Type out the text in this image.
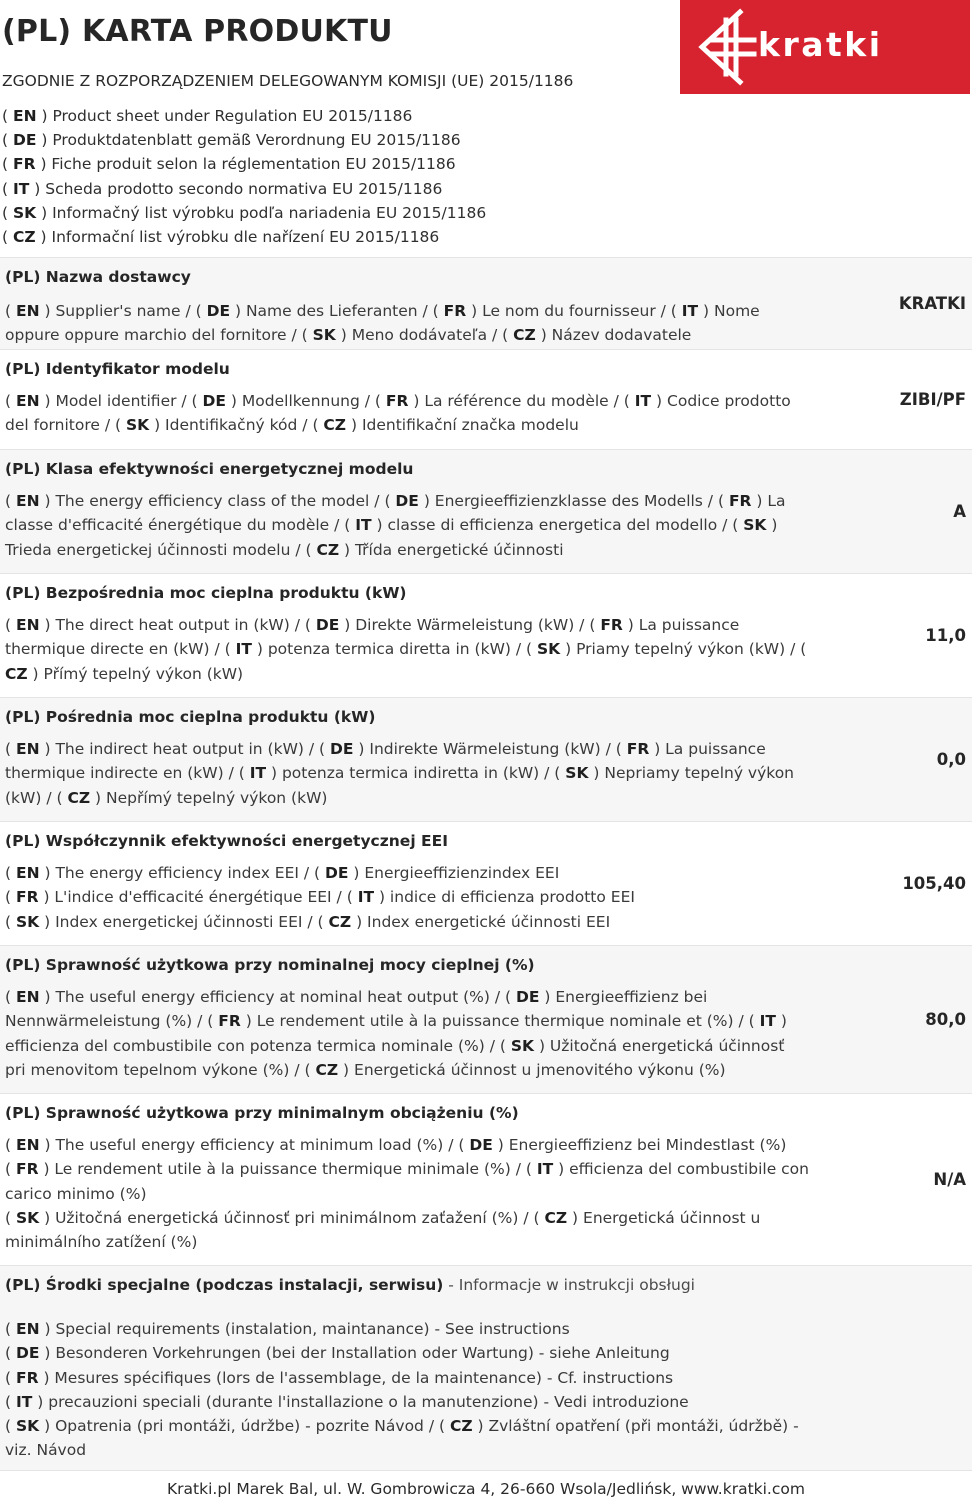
(PL) KARTA PRODUKTU
ZGODNIE Z ROZPORZĄDZENIEM DELEGOWANYM KOMISJI (UE) 2015/1186
( EN ) Product sheet under Regulation EU 2015/1186
( DE ) Produktdatenblatt gemäß Verordnung EU 2015/1186
( FR ) Fiche produit selon la réglementation EU 2015/1186
( IT ) Scheda prodotto secondo normativa EU 2015/1186
( SK ) Informačný list výrobku podľa nariadenia EU 2015/1186
( CZ ) Informační list výrobku dle nařízení EU 2015/1186
kratki
(PL) Nazwa dostawcy
( EN ) Supplier's name / ( DE ) Name des Lieferanten / ( FR ) Le nom du fournisseur / ( IT ) Nome
oppure oppure marchio del fornitore / ( SK ) Meno dodávateľa / ( CZ ) Název dodavatele
KRATKI
(PL) Identyfikator modelu
( EN ) Model identifier / ( DE ) Modellkennung / ( FR ) La référence du modèle / ( IT ) Codice prodotto
del fornitore / ( SK ) Identifikačný kód / ( CZ ) Identifikační značka modelu
ZIBI/PF
(PL) Klasa efektywności energetycznej modelu
( EN ) The energy efficiency class of the model / ( DE ) Energieeffizienzklasse des Modells / ( FR ) La
classe d'efficacité énergétique du modèle / ( IT ) classe di efficienza energetica del modello / ( SK )
Trieda energetickej účinnosti modelu / ( CZ ) Třída energetické účinnosti
A
(PL) Bezpośrednia moc cieplna produktu (kW)
( EN ) The direct heat output in (kW) / ( DE ) Direkte Wärmeleistung (kW) / ( FR ) La puissance
thermique directe en (kW) / ( IT ) potenza termica diretta in (kW) / ( SK ) Priamy tepelný výkon (kW) / (
CZ ) Přímý tepelný výkon (kW)
11,0
(PL) Pośrednia moc cieplna produktu (kW)
( EN ) The indirect heat output in (kW) / ( DE ) Indirekte Wärmeleistung (kW) / ( FR ) La puissance
thermique indirecte en (kW) / ( IT ) potenza termica indiretta in (kW) / ( SK ) Nepriamy tepelný výkon
(kW) / ( CZ ) Nepřímý tepelný výkon (kW)
0,0
(PL) Współczynnik efektywności energetycznej EEI
( EN ) The energy efficiency index EEI / ( DE ) Energieeffizienzindex EEI
( FR ) L'indice d'efficacité énergétique EEI / ( IT ) indice di efficienza prodotto EEI
( SK ) Index energetickej účinnosti EEI / ( CZ ) Index energetické účinnosti EEI
105,40
(PL) Sprawność użytkowa przy nominalnej mocy cieplnej (%)
( EN ) The useful energy efficiency at nominal heat output (%) / ( DE ) Energieeffizienz bei
Nennwärmeleistung (%) / ( FR ) Le rendement utile à la puissance thermique nominale et (%) / ( IT )
efficienza del combustibile con potenza termica nominale (%) / ( SK ) Užitočná energetická účinnosť
pri menovitom tepelnom výkone (%) / ( CZ ) Energetická účinnost u jmenovitého výkonu (%)
80,0
(PL) Sprawność użytkowa przy minimalnym obciążeniu (%)
( EN ) The useful energy efficiency at minimum load (%) / ( DE ) Energieeffizienz bei Mindestlast (%)
( FR ) Le rendement utile à la puissance thermique minimale (%) / ( IT ) efficienza del combustibile con
carico minimo (%)
( SK ) Užitočná energetická účinnosť pri minimálnom zaťažení (%) / ( CZ ) Energetická účinnost u
minimálního zatížení (%)
N/A
(PL) Środki specjalne (podczas instalacji, serwisu) - Informacje w instrukcji obsługi
( EN ) Special requirements (instalation, maintanance) - See instructions
( DE ) Besonderen Vorkehrungen (bei der Installation oder Wartung) - siehe Anleitung
( FR ) Mesures spécifiques (lors de l'assemblage, de la maintenance) - Cf. instructions
( IT ) precauzioni speciali (durante l'installazione o la manutenzione) - Vedi introduzione
( SK ) Opatrenia (pri montáži, údržbe) - pozrite Návod / ( CZ ) Zvláštní opatření (při montáži, údržbě) -
viz. Návod
Kratki.pl Marek Bal, ul. W. Gombrowicza 4, 26-660 Wsola/Jedlińsk, www.kratki.com
